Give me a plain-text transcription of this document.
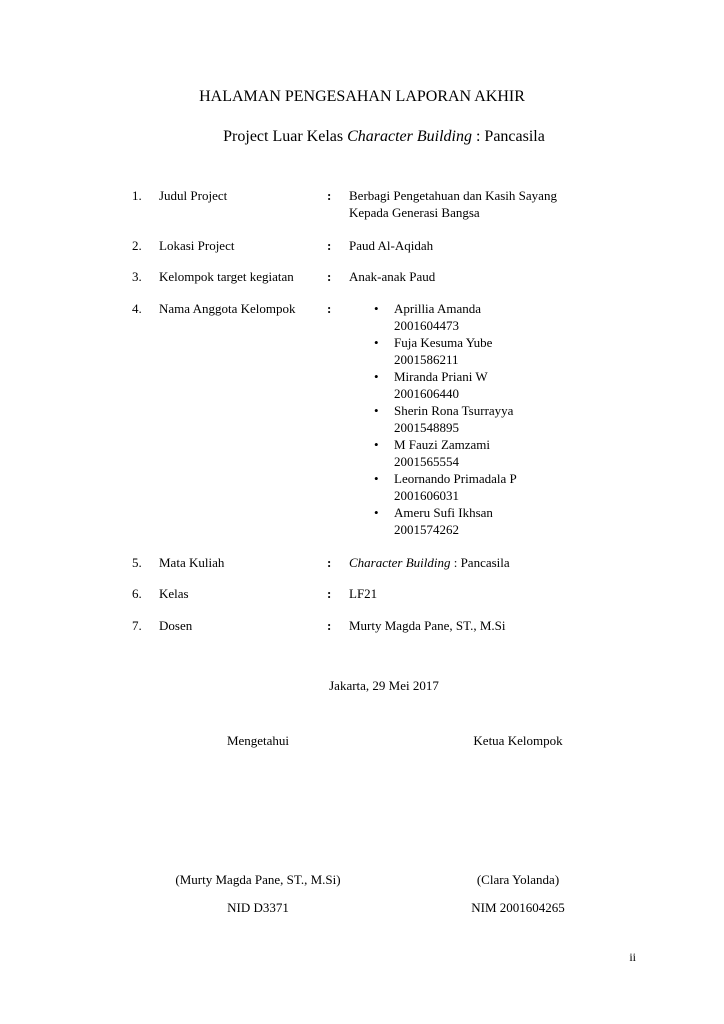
HALAMAN PENGESAHAN LAPORAN AKHIR
Project Luar Kelas Character Building : Pancasila
1. Judul Project	: Berbagi Pengetahuan dan Kasih Sayang
Kepada Generasi Bangsa
2. Lokasi Project	: Paud Al-Aqidah
3. Kelompok target kegiatan	: Anak-anak Paud
4. Nama Anggota Kelompok :	• Aprillia Amanda
2001604473
• Fuja Kesuma Yube
2001586211
• Miranda Priani W
2001606440
• Sherin Rona Tsurrayya
2001548895
• M Fauzi Zamzami
2001565554
• Leornando Primadala P
2001606031
• Ameru Sufi Ikhsan
2001574262
5. Mata Kuliah	: Character Building : Pancasila
6. Kelas	: LF21
7. Dosen	: Murty Magda Pane, ST., M.Si
Jakarta, 29 Mei 2017
Mengetahui	Ketua Kelompok
(Murty Magda Pane, ST., M.Si)	(Clara Yolanda)
NID D3371	NIM 2001604265
ii
